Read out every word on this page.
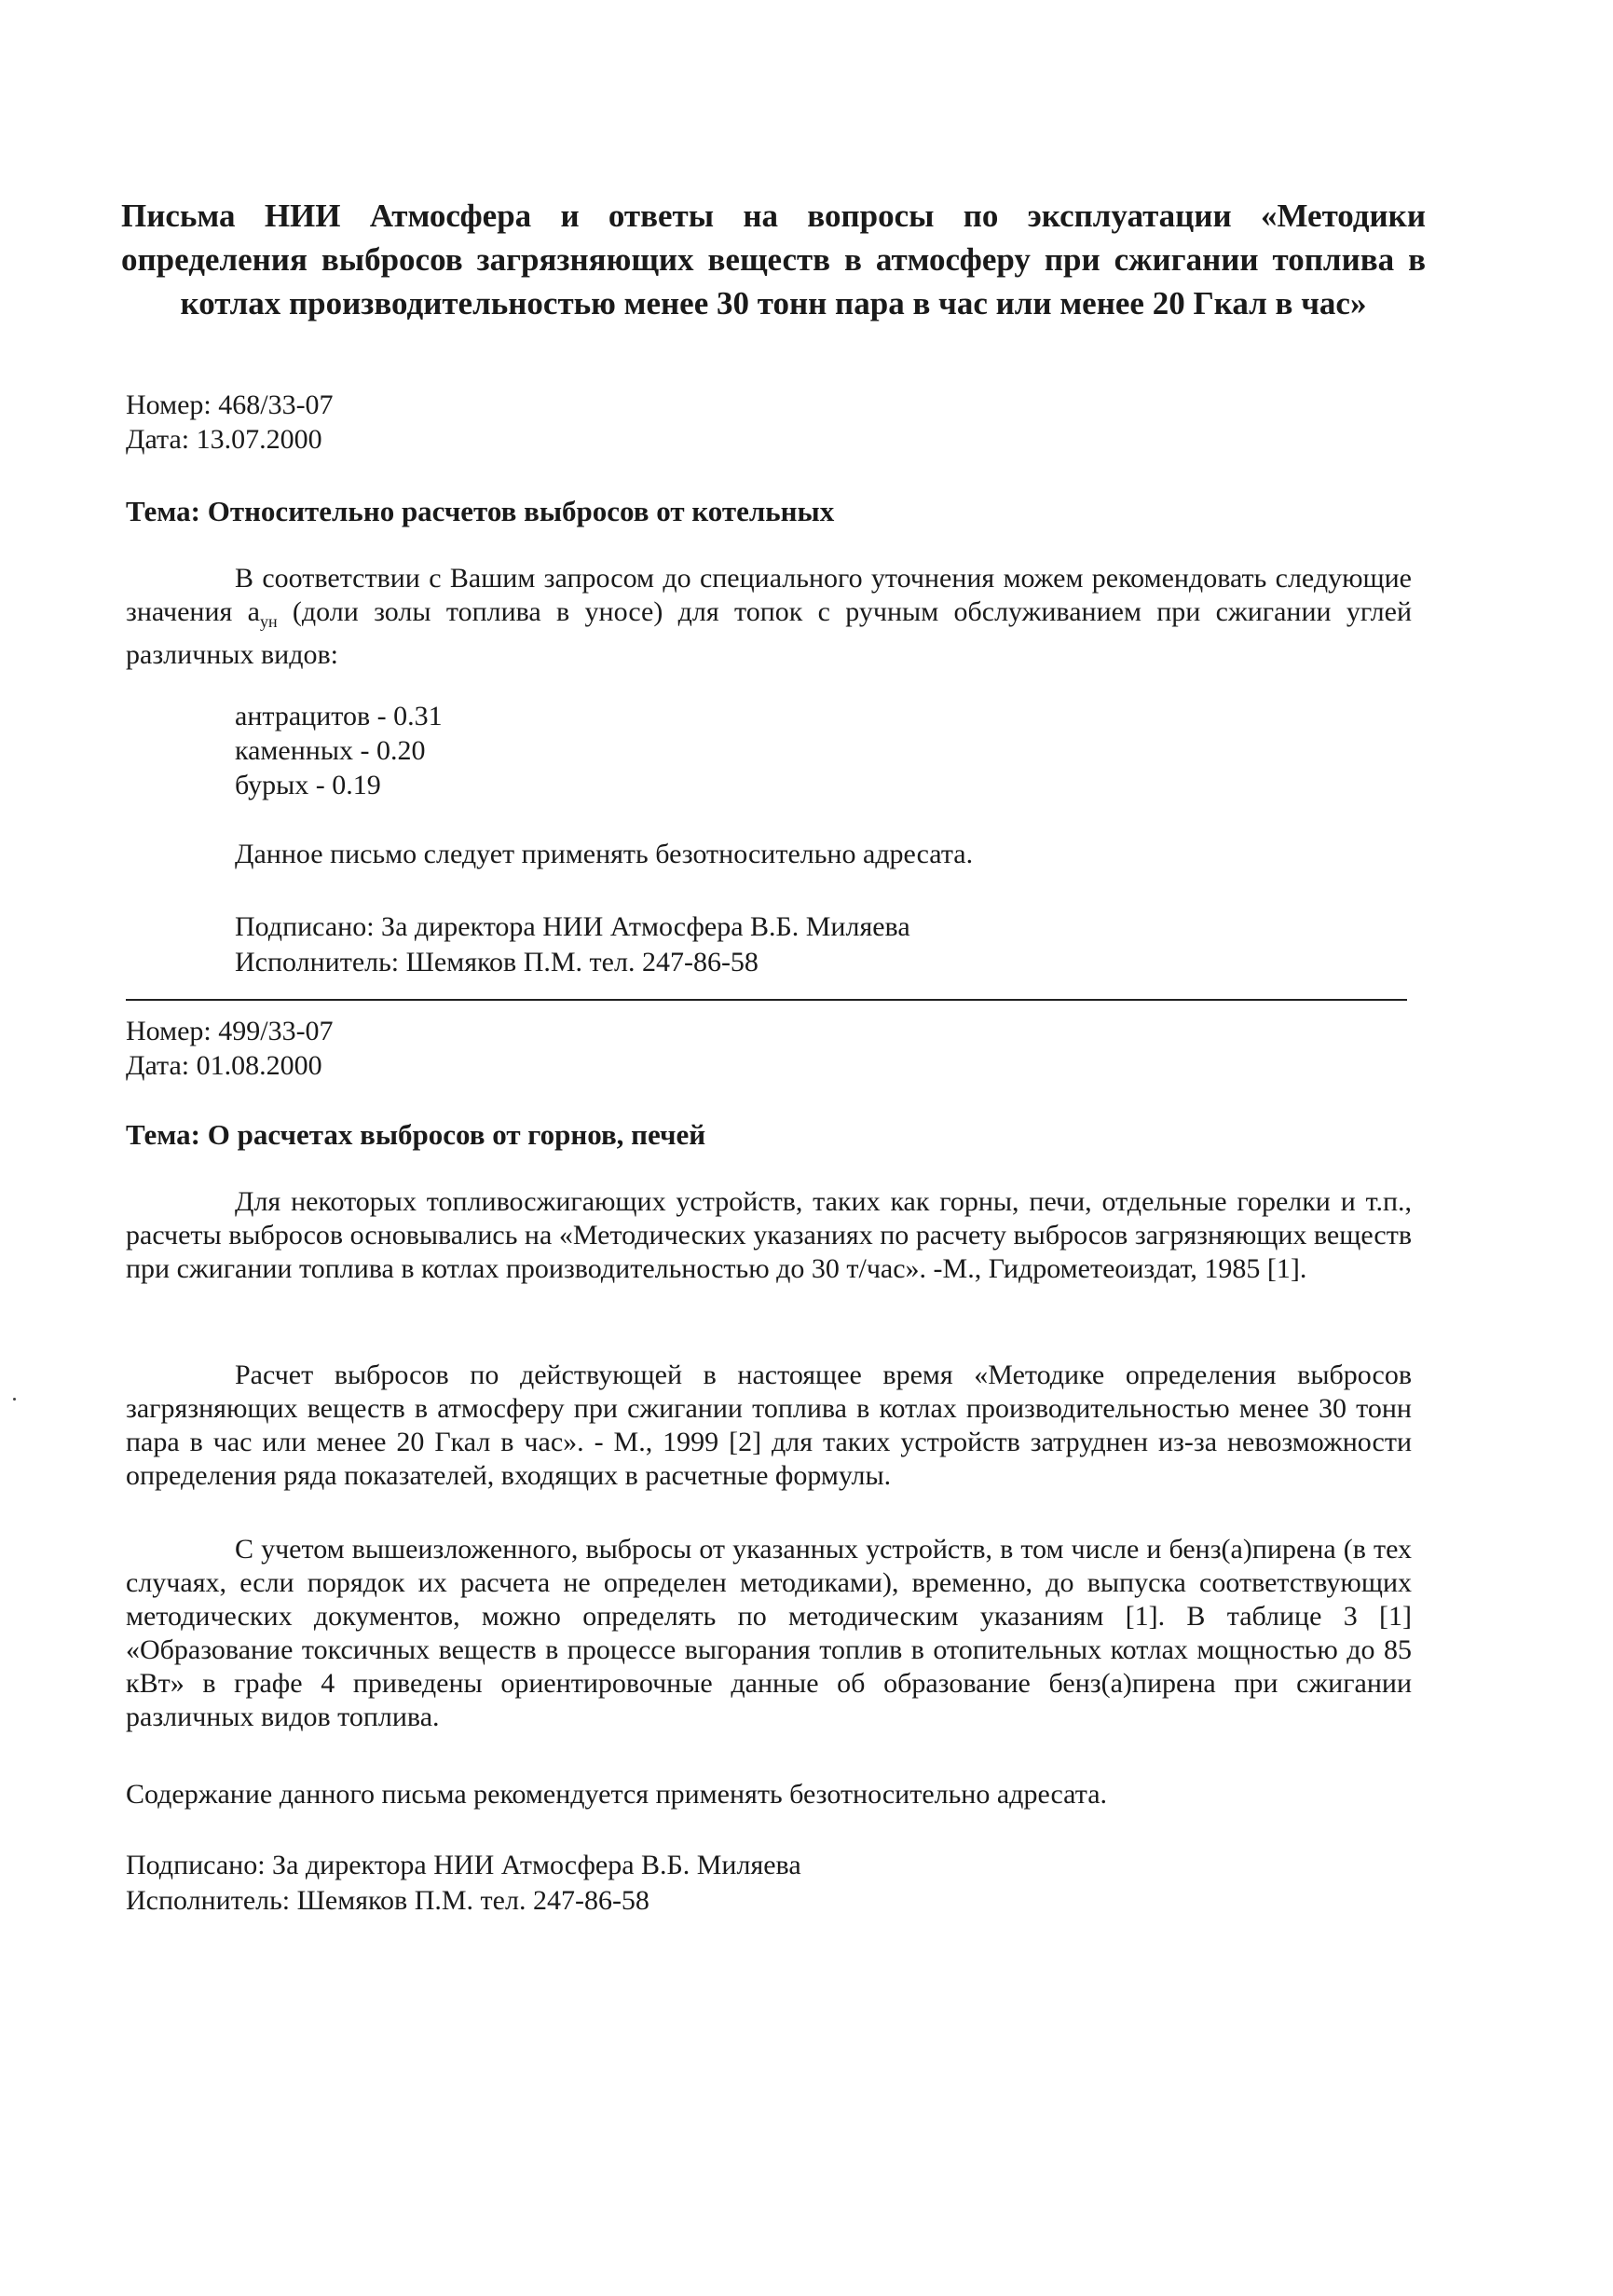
Письма НИИ Атмосфера и ответы на вопросы по эксплуатации «Методики определения выбросов загрязняющих веществ в атмосферу при сжигании топлива в котлах производительностью менее 30 тонн пара в час или менее 20 Гкал в час»
Номер: 468/33-07
Дата: 13.07.2000
Тема: Относительно расчетов выбросов от котельных

В соответствии с Вашим запросом до специального уточнения можем рекомендовать следующие значения $a_{ун}$ (доли золы топлива в уносе) для топок с ручным обслуживанием при сжигании углей различных видов:

антрацитов - 0.31
каменных - 0.20
бурых - 0.19
Данное письмо следует применять безотносительно адресата.
Подписано: За директора НИИ Атмосфера В.Б. Миляева
Исполнитель: Шемяков П.М. тел. 247-86-58
Номер: 499/33-07
Дата: 01.08.2000
Тема: О расчетах выбросов от горнов, печей

Для некоторых топливосжигающих устройств, таких как горны, печи, отдельные горелки и т.п., расчеты выбросов основывались на «Методических указаниях по расчету выбросов загрязняющих веществ при сжигании топлива в котлах производительностью до 30 т/час». -М., Гидрометеоиздат, 1985 [1].

Расчет выбросов по действующей в настоящее время «Методике определения выбросов загрязняющих веществ в атмосферу при сжигании топлива в котлах производительностью менее 30 тонн пара в час или менее 20 Гкал в час». - М., 1999 [2] для таких устройств затруднен из-за невозможности определения ряда показателей, входящих в расчетные формулы.

С учетом вышеизложенного, выбросы от указанных устройств, в том числе и бенз(а)пирена (в тех случаях, если порядок их расчета не определен методиками), временно, до выпуска соответствующих методических документов, можно определять по методическим указаниям [1]. В таблице 3 [1] «Образование токсичных веществ в процессе выгорания топлив в отопительных котлах мощностью до 85 кВт» в графе 4 приведены ориентировочные данные об образование бенз(а)пирена при сжигании различных видов топлива.

Содержание данного письма рекомендуется применять безотносительно адресата.
Подписано: За директора НИИ Атмосфера В.Б. Миляева
Исполнитель: Шемяков П.М. тел. 247-86-58
